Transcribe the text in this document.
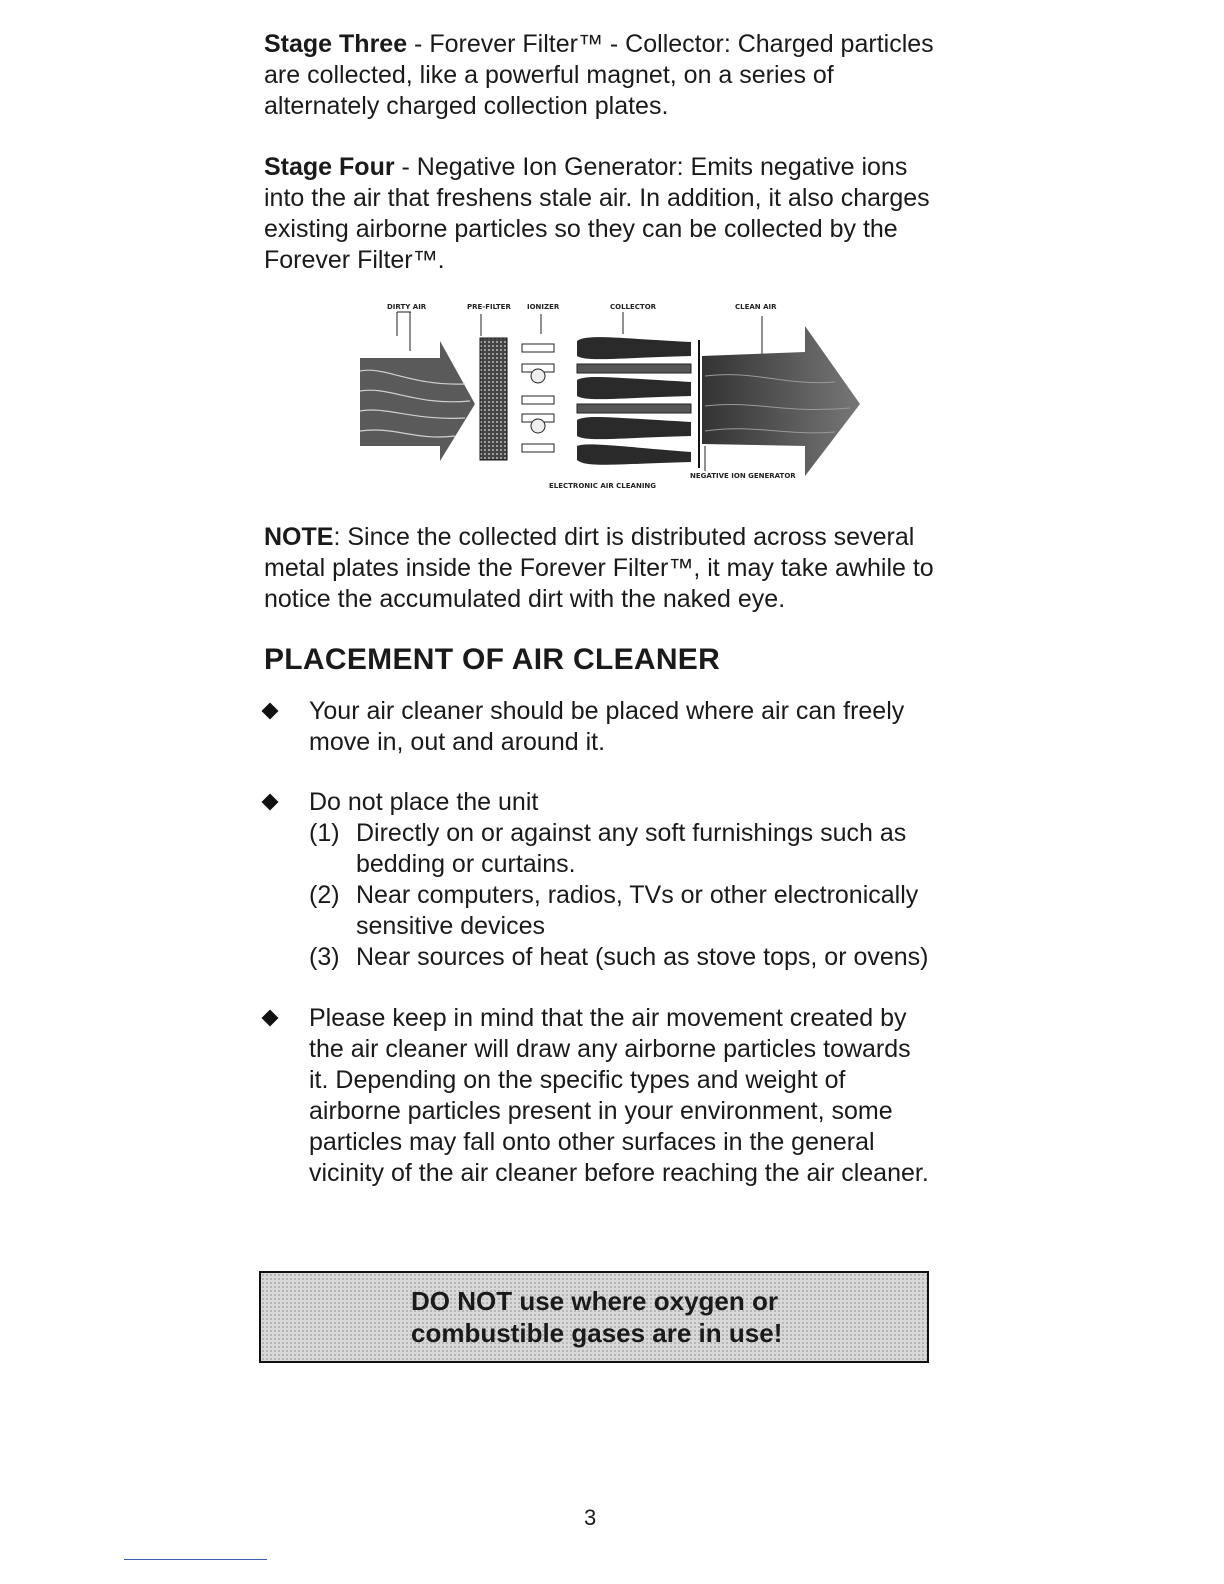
Stage Three - Forever Filter™ - Collector: Charged particles are collected, like a powerful magnet, on a series of alternately charged collection plates.

Stage Four - Negative Ion Generator: Emits negative ions into the air that freshens stale air. In addition, it also charges existing airborne particles so they can be collected by the Forever Filter™.

DIRTY AIR	PRE-FILTER IONIZER	COLLECTOR	CLEAN AIR
NEGATIVE ION GENERATOR
ELECTRONIC AIR CLEANING

NOTE: Since the collected dirt is distributed across several metal plates inside the Forever Filter™, it may take awhile to notice the accumulated dirt with the naked eye.

PLACEMENT OF AIR CLEANER
Your air cleaner should be placed where air can freely move in, out and around it.
Do not place the unit
(1) Directly on or against any soft furnishings such as bedding or curtains.
(2) Near computers, radios, TVs or other electronically sensitive devices
(3) Near sources of heat (such as stove tops, or ovens)
Please keep in mind that the air movement created by the air cleaner will draw any airborne particles towards it. Depending on the specific types and weight of airborne particles present in your environment, some particles may fall onto other surfaces in the general vicinity of the air cleaner before reaching the air cleaner.
DO NOT use where oxygen or combustible gases are in use!
3
